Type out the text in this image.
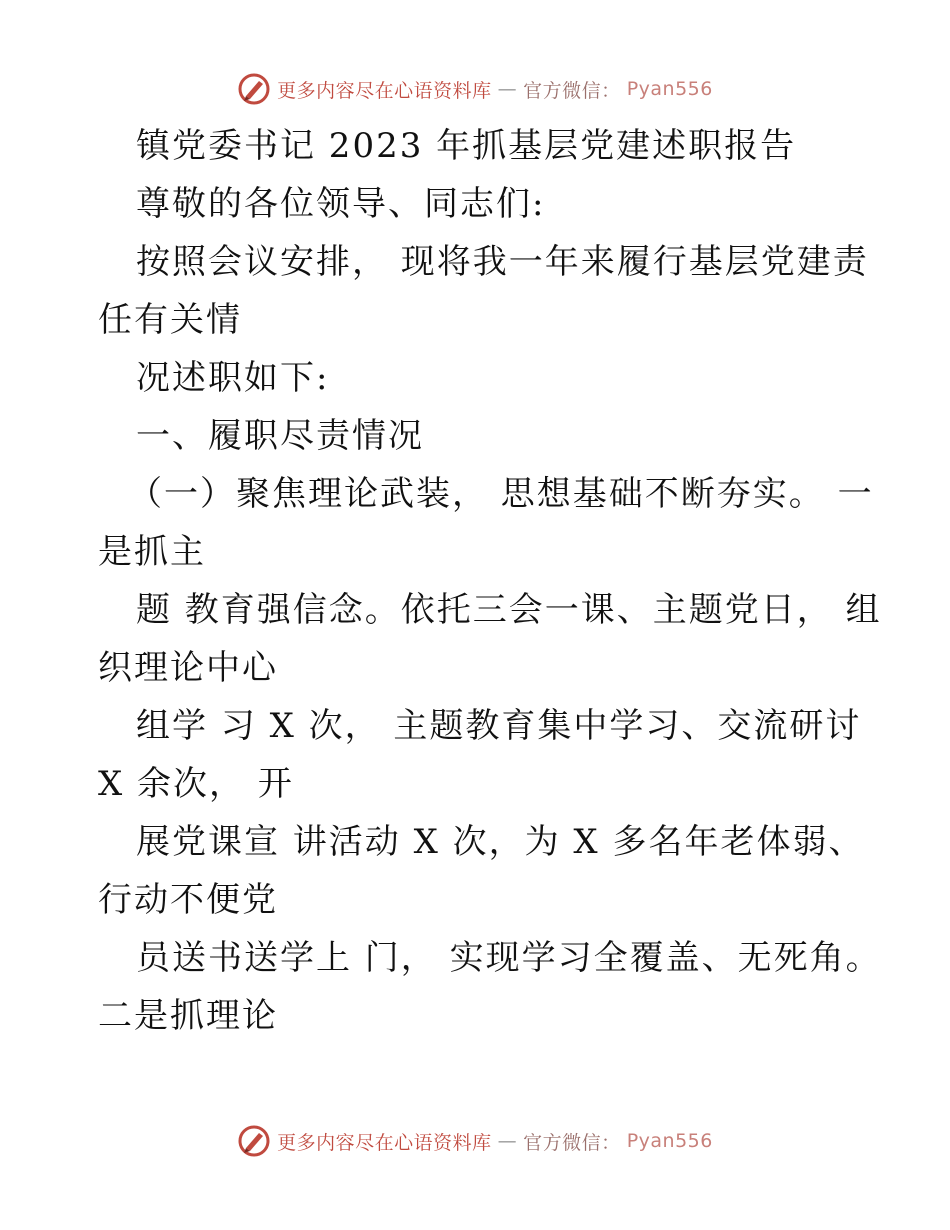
更多内容尽在心语资料库 — 官方微信： Pyan556
镇党委书记 2023 年抓基层党建述职报告
尊敬的各位领导、同志们:
按照会议安排， 现将我一年来履行基层党建责
任有关情
况述职如下:
一、履职尽责情况
（一）聚焦理论武装， 思想基础不断夯实。 一
是抓主
题 教育强信念。依托三会一课、主题党日， 组
织理论中心
组学 习 X 次， 主题教育集中学习、交流研讨
X 余次， 开
展党课宣 讲活动 X 次，为 X 多名年老体弱、
行动不便党
员送书送学上 门， 实现学习全覆盖、无死角。
二是抓理论
更多内容尽在心语资料库 — 官方微信： Pyan556
